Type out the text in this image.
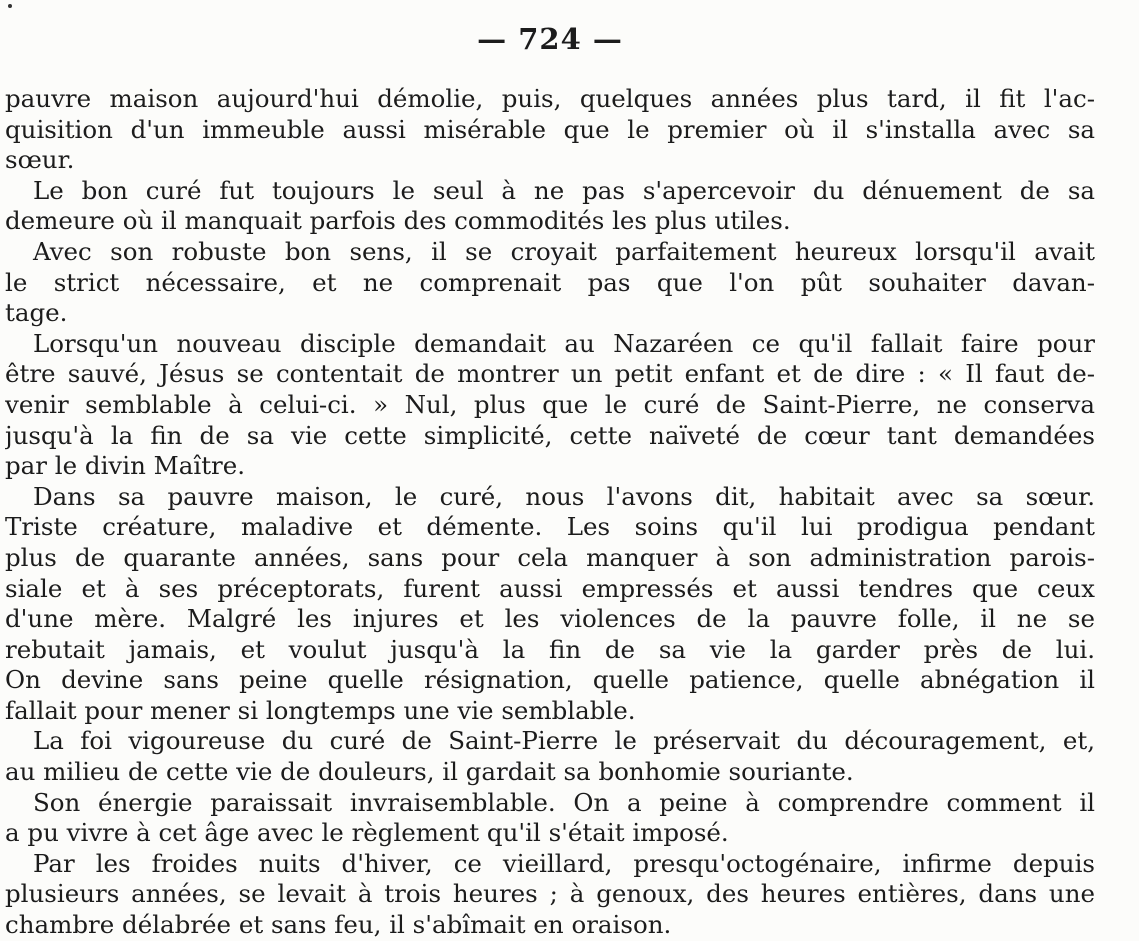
— 724 —
pauvre maison aujourd'hui démolie, puis, quelques années plus tard, il fit l'ac-
quisition d'un immeuble aussi misérable que le premier où il s'installa avec sa
sœur.
Le bon curé fut toujours le seul à ne pas s'apercevoir du dénuement de sa
demeure où il manquait parfois des commodités les plus utiles.
Avec son robuste bon sens, il se croyait parfaitement heureux lorsqu'il avait
le strict nécessaire, et ne comprenait pas que l'on pût souhaiter davan-
tage.
Lorsqu'un nouveau disciple demandait au Nazaréen ce qu'il fallait faire pour
être sauvé, Jésus se contentait de montrer un petit enfant et de dire : « Il faut de-
venir semblable à celui-ci. » Nul, plus que le curé de Saint-Pierre, ne conserva
jusqu'à la fin de sa vie cette simplicité, cette naïveté de cœur tant demandées
par le divin Maître.
Dans sa pauvre maison, le curé, nous l'avons dit, habitait avec sa sœur.
Triste créature, maladive et démente. Les soins qu'il lui prodigua pendant
plus de quarante années, sans pour cela manquer à son administration parois-
siale et à ses préceptorats, furent aussi empressés et aussi tendres que ceux
d'une mère. Malgré les injures et les violences de la pauvre folle, il ne se
rebutait jamais, et voulut jusqu'à la fin de sa vie la garder près de lui.
On devine sans peine quelle résignation, quelle patience, quelle abnégation il
fallait pour mener si longtemps une vie semblable.
La foi vigoureuse du curé de Saint-Pierre le préservait du découragement, et,
au milieu de cette vie de douleurs, il gardait sa bonhomie souriante.
Son énergie paraissait invraisemblable. On a peine à comprendre comment il
a pu vivre à cet âge avec le règlement qu'il s'était imposé.
Par les froides nuits d'hiver, ce vieillard, presqu'octogénaire, infirme depuis
plusieurs années, se levait à trois heures ; à genoux, des heures entières, dans une
chambre délabrée et sans feu, il s'abîmait en oraison.
